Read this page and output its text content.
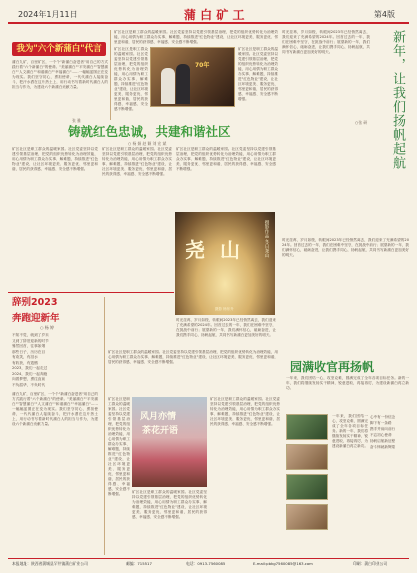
2024年1月11日	蒲 白 矿 工	第4版
我为"六个新蒲白"代言
蒲白九矿，百里矿区，一个个"新蒲白奋进者"用自己的方式践行着"六个新蒲白"的使命。"美丽蒲白""平安蒲白""智慧蒲白""人文蒲白""和谐蒲白""幸福蒲白"……一幅幅蓝图正在变为现实。我们坚守初心，勇担使命，一代代蒲白人接续奋斗，把汗水洒在这片热土上，用行动书写着新时代蒲白人的担当与作为，为建设六个新蒲白贡献力量。
张 雅
矿区社区是职工群众的温暖家园。社区党委坚持以党建引领基层治理，把党的组织优势转化为治理效能，用心用情为职工群众办实事、解难题，持续推进"红色物业"建设，让社区环境更美、服务更优、邻里更和谐，居民的获得感、幸福感、安全感不断增强。
矿区社区是职工群众的温暖家园。社区党委坚持以党建引领基层治理，把党的组织优势转化为治理效能，用心用情为职工群众办实事、解难题，持续推进"红色物业"建设，让社区环境更美、服务更优、邻里更和谐，居民的获得感、幸福感、安全感不断增强。
70年
矿区社区是职工群众的温暖家园。社区党委坚持以党建引领基层治理，把党的组织优势转化为治理效能，用心用情为职工群众办实事、解难题，持续推进"红色物业"建设，让社区环境更美、服务更优、邻里更和谐，居民的获得感、幸福感、安全感不断增强。
铸就红色忠诚，共建和谐社区
○ 杨 娟 赵 颖 刘 宏 斌
矿区社区是职工群众的温暖家园。社区党委坚持以党建引领基层治理，把党的组织优势转化为治理效能，用心用情为职工群众办实事、解难题，持续推进"红色物业"建设，让社区环境更美、服务更优、邻里更和谐，居民的获得感、幸福感、安全感不断增强。
矿区社区是职工群众的温暖家园。社区党委坚持以党建引领基层治理，把党的组织优势转化为治理效能，用心用情为职工群众办实事、解难题，持续推进"红色物业"建设，让社区环境更美、服务更优、邻里更和谐，居民的获得感、幸福感、安全感不断增强。
矿区社区是职工群众的温暖家园。社区党委坚持以党建引领基层治理，把党的组织优势转化为治理效能，用心用情为职工群众办实事、解难题，持续推进"红色物业"建设，让社区环境更美、服务更优、邻里更和谐，居民的获得感、幸福感、安全感不断增强。
时光荏苒，岁月如梭，转眼间2023年已经悄然离去，我们迎来了充满希望的2024年。回首过去的一年，我们在困难中坚守，在挑战中前行；展望新的一年，我们满怀信心，砥砺奋进，让我们携手同心，扬帆起航，共同书写新蒲白更加美好的明天。	新年，让我们扬帆起航
○张 研
时光荏苒，岁月如梭，转眼间2023年已经悄然离去，我们迎来了充满希望的2024年。回首过去的一年，我们在困难中坚守，在挑战中前行；展望新的一年，我们满怀信心，砥砺奋进，让我们携手同心，扬帆起航，共同书写新蒲白更加美好的明天。
尧 山	摄影作品 冬日尧山
摄影 杨东升
时光荏苒，岁月如梭，转眼间2023年已经悄然离去，我们迎来了充满希望的2024年。回首过去的一年，我们在困难中坚守，在挑战中前行；展望新的一年，我们满怀信心，砥砺奋进，让我们携手同心，扬帆起航，共同书写新蒲白更加美好的明天。
辞别2023
奔跑迎新年
○ 杨 婷
不知不觉，就到了岁末
又到了辞旧迎新的时节
蓦然回首，往事如烟
那些日子，历历在目
有欢笑，有泪水
有收获，有遗憾
2023，我们一起走过
2024，我们一起奔跑
向着梦想，勇往直前
不负韶华，不负时代
蒲白九矿，百里矿区，一个个"新蒲白奋进者"用自己的方式践行着"六个新蒲白"的使命。"美丽蒲白""平安蒲白""智慧蒲白""人文蒲白""和谐蒲白""幸福蒲白"……一幅幅蓝图正在变为现实。我们坚守初心，勇担使命，一代代蒲白人接续奋斗，把汗水洒在这片热土上，用行动书写着新时代蒲白人的担当与作为，为建设六个新蒲白贡献力量。
矿区社区是职工群众的温暖家园。社区党委坚持以党建引领基层治理，把党的组织优势转化为治理效能，用心用情为职工群众办实事、解难题，持续推进"红色物业"建设，让社区环境更美、服务更优、邻里更和谐，居民的获得感、幸福感、安全感不断增强。
风月亦情
茶花开语
矿区社区是职工群众的温暖家园。社区党委坚持以党建引领基层治理，把党的组织优势转化为治理效能，用心用情为职工群众办实事、解难题，持续推进"红色物业"建设，让社区环境更美、服务更优、邻里更和谐，居民的获得感、幸福感、安全感不断增强。
矿区社区是职工群众的温暖家园。社区党委坚持以党建引领基层治理，把党的组织优势转化为治理效能，用心用情为职工群众办实事、解难题，持续推进"红色物业"建设，让社区环境更美、服务更优、邻里更和谐，居民的获得感、幸福感、安全感不断增强。
矿区社区是职工群众的温暖家园。社区党委坚持以党建引领基层治理，把党的组织优势转化为治理效能，用心用情为职工群众办实事、解难题，持续推进"红色物业"建设，让社区环境更美、服务更优、邻里更和谐，居民的获得感、幸福感、安全感不断增强。
园满收官再扬帆
一年来，我们团结一心，攻坚克难，圆满完成了全年各项目标任务。新的一年，我们将继续发扬实干精神，锐意进取，再接再厉，为建设新蒲白再立新功。
一年来，我们团结一心，攻坚克难，圆满完成了全年各项目标任务。新的一年，我们将继续发扬实干精神，锐意进取，再接再厉，为建设新蒲白再立新功。
心中有一份信念
脚下有一条路
携手并肩向前行
不忘初心使命
扬帆启航新征程
奋斗铸就新辉煌
本报地址：陕西省蒲城县罕井镇蒲白矿业公司	邮编：715517	电话：0913-7560085	E-mail:pbkg7560085@163.com	印刷：蒲白印业公司
